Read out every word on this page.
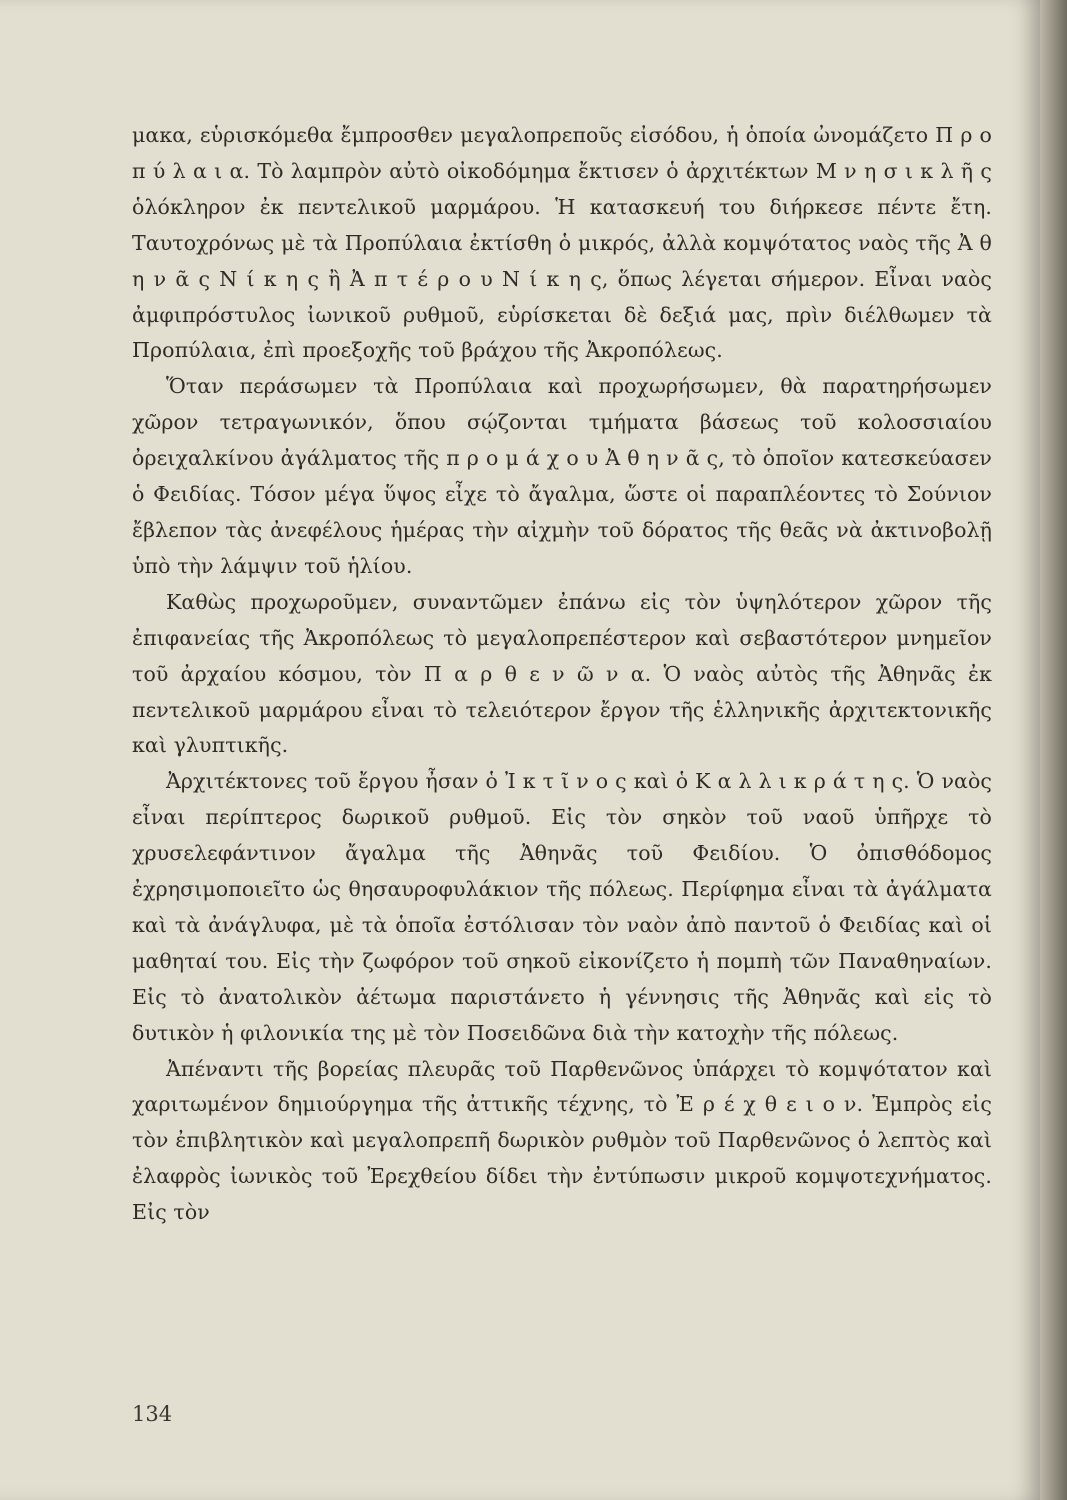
μακα, εὑρισκόμεθα ἔμπροσθεν μεγαλοπρεποῦς εἰσόδου, ἡ ὁποία ὠνομάζετο Π ρ ο π ύ λ α ι α. Τὸ λαμπρὸν αὐτὸ οἰκοδόμημα ἔκτισεν ὁ ἀρχιτέκτων Μ ν η σ ι κ λ ῆ ς ὁλόκληρον ἐκ πεντελικοῦ μαρμάρου. Ἡ κατασκευή του διήρκεσε πέντε ἔτη. Ταυτοχρόνως μὲ τὰ Προπύλαια ἐκτίσθη ὁ μικρός, ἀλλὰ κομψότατος ναὸς τῆς Ἀ θ η ν ᾶ ς Ν ί κ η ς ἢ Ἀ π τ έ ρ ο υ Ν ί κ η ς, ὅπως λέγεται σήμερον. Εἶναι ναὸς ἀμφιπρόστυλος ἰωνικοῦ ρυθμοῦ, εὑρίσκεται δὲ δεξιά μας, πρὶν διέλθωμεν τὰ Προπύλαια, ἐπὶ προεξοχῆς τοῦ βράχου τῆς Ἀκροπόλεως.

Ὅταν περάσωμεν τὰ Προπύλαια καὶ προχωρήσωμεν, θὰ παρατηρήσωμεν χῶρον τετραγωνικόν, ὅπου σῴζονται τμήματα βάσεως τοῦ κολοσσιαίου ὀρειχαλκίνου ἀγάλματος τῆς π ρ ο μ ά χ ο υ Ἀ θ η ν ᾶ ς, τὸ ὁποῖον κατεσκεύασεν ὁ Φειδίας. Τόσον μέγα ὕψος εἶχε τὸ ἄγαλμα, ὥστε οἱ παραπλέοντες τὸ Σούνιον ἔβλεπον τὰς ἀνεφέλους ἡμέρας τὴν αἰχμὴν τοῦ δόρατος τῆς θεᾶς νὰ ἀκτινοβολῇ ὑπὸ τὴν λάμψιν τοῦ ἡλίου.

Καθὼς προχωροῦμεν, συναντῶμεν ἐπάνω εἰς τὸν ὑψηλότερον χῶρον τῆς ἐπιφανείας τῆς Ἀκροπόλεως τὸ μεγαλοπρεπέστερον καὶ σεβαστότερον μνημεῖον τοῦ ἀρχαίου κόσμου, τὸν Π α ρ θ ε ν ῶ ν α. Ὁ ναὸς αὐτὸς τῆς Ἀθηνᾶς ἐκ πεντελικοῦ μαρμάρου εἶναι τὸ τελειότερον ἔργον τῆς ἑλληνικῆς ἀρχιτεκτονικῆς καὶ γλυπτικῆς.

Ἀρχιτέκτονες τοῦ ἔργου ἦσαν ὁ Ἰ κ τ ῖ ν ο ς καὶ ὁ Κ α λ λ ι κ ρ ά τ η ς. Ὁ ναὸς εἶναι περίπτερος δωρικοῦ ρυθμοῦ. Εἰς τὸν σηκὸν τοῦ ναοῦ ὑπῆρχε τὸ χρυσελεφάντινον ἄγαλμα τῆς Ἀθηνᾶς τοῦ Φειδίου. Ὁ ὀπισθόδομος ἐχρησιμοποιεῖτο ὡς θησαυροφυλάκιον τῆς πόλεως. Περίφημα εἶναι τὰ ἀγάλματα καὶ τὰ ἀνάγλυφα, μὲ τὰ ὁποῖα ἐστόλισαν τὸν ναὸν ἀπὸ παντοῦ ὁ Φειδίας καὶ οἱ μαθηταί του. Εἰς τὴν ζωφόρον τοῦ σηκοῦ εἰκονίζετο ἡ πομπὴ τῶν Παναθηναίων. Εἰς τὸ ἀνατολικὸν ἀέτωμα παριστάνετο ἡ γέννησις τῆς Ἀθηνᾶς καὶ εἰς τὸ δυτικὸν ἡ φιλονικία της μὲ τὸν Ποσειδῶνα διὰ τὴν κατοχὴν τῆς πόλεως.

Ἀπέναντι τῆς βορείας πλευρᾶς τοῦ Παρθενῶνος ὑπάρχει τὸ κομψότατον καὶ χαριτωμένον δημιούργημα τῆς ἀττικῆς τέχνης, τὸ Ἐ ρ έ χ θ ε ι ο ν. Ἐμπρὸς εἰς τὸν ἐπιβλητικὸν καὶ μεγαλοπρεπῆ δωρικὸν ρυθμὸν τοῦ Παρθενῶνος ὁ λεπτὸς καὶ ἐλαφρὸς ἰωνικὸς τοῦ Ἐρεχθείου δίδει τὴν ἐντύπωσιν μικροῦ κομψοτεχνήματος. Εἰς τὸν

134
